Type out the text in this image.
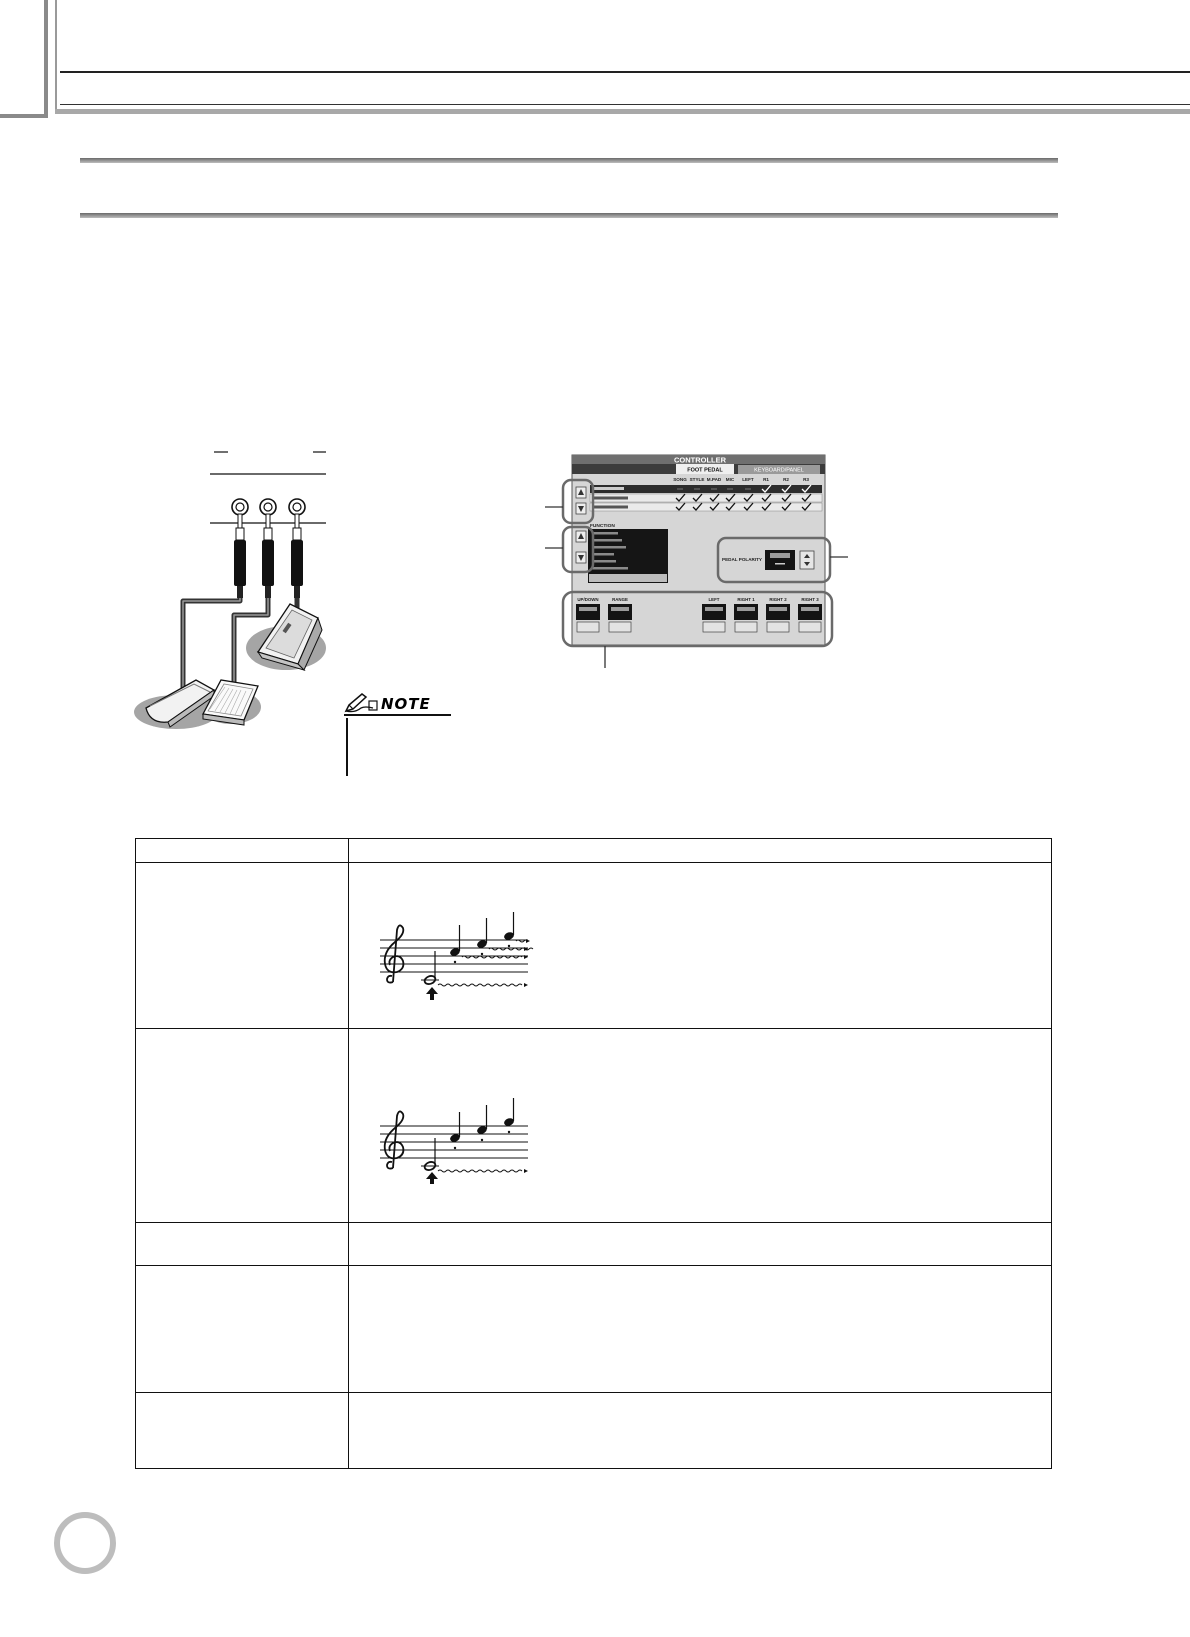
NOTE
CONTROLLER
FOOT PEDAL	KEYBOARD/PANEL
SONG STYLE M.PAD MIC LEFT R1	R2	R3
FUNCTION
PEDAL POLARITY
UP/DOWN	RANGE	LEFT	RIGHT 1	RIGHT 2	RIGHT 3
